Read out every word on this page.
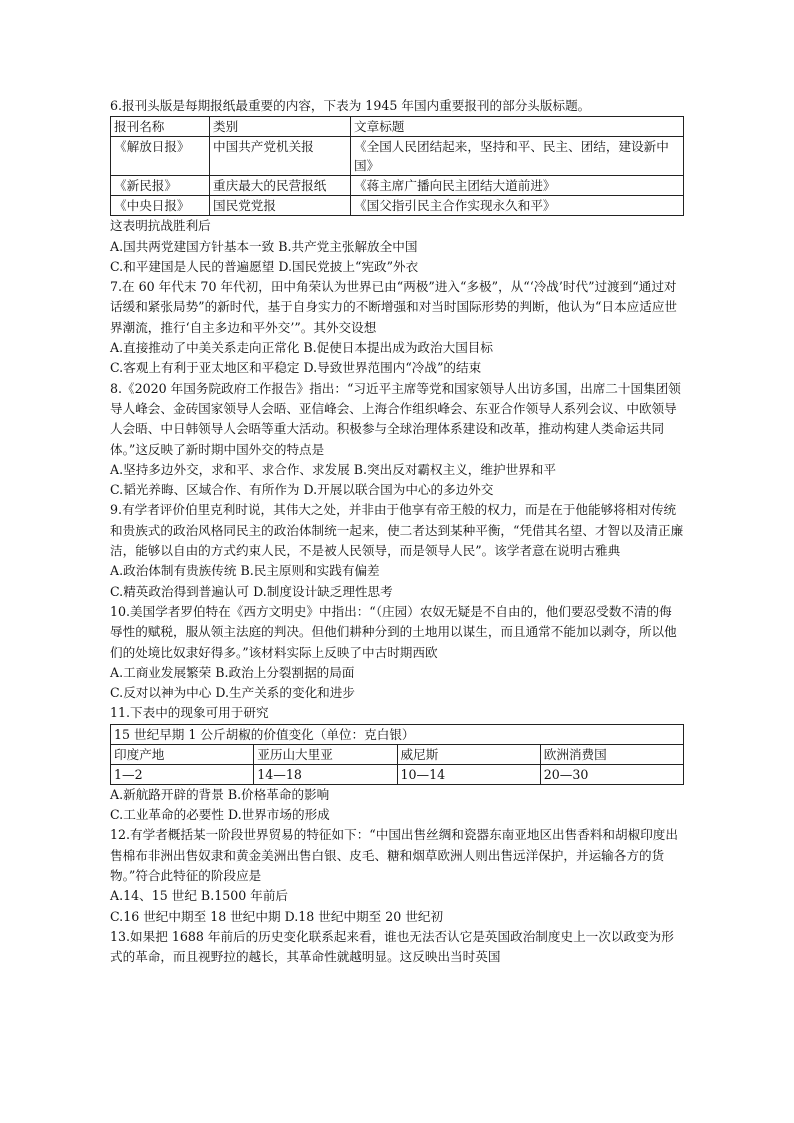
6.报刊头版是每期报纸最重要的内容，下表为 1945 年国内重要报刊的部分头版标题。

报刊名称	类别	文章标题
《解放日报》	中国共产党机关报	《全国人民团结起来，坚持和平、民主、团结，建设新中国》
《新民报》	重庆最大的民营报纸	《蒋主席广播向民主团结大道前进》
《中央日报》	国民党党报	《国父指引民主合作实现永久和平》

这表明抗战胜利后

A.国共两党建国方针基本一致 B.共产党主张解放全中国

C.和平建国是人民的普遍愿望 D.国民党披上“宪政”外衣

7.在 60 年代末 70 年代初，田中角荣认为世界已由“两极”进入“多极”，从“‘冷战’时代”过渡到“通过对话缓和紧张局势”的新时代，基于自身实力的不断增强和对当时国际形势的判断，他认为“日本应适应世界潮流，推行‘自主多边和平外交’”。其外交设想

A.直接推动了中美关系走向正常化 B.促使日本提出成为政治大国目标

C.客观上有利于亚太地区和平稳定 D.导致世界范围内“冷战”的结束

8.《2020 年国务院政府工作报告》指出：“习近平主席等党和国家领导人出访多国，出席二十国集团领导人峰会、金砖国家领导人会晤、亚信峰会、上海合作组织峰会、东亚合作领导人系列会议、中欧领导人会晤、中日韩领导人会晤等重大活动。积极参与全球治理体系建设和改革，推动构建人类命运共同体。”这反映了新时期中国外交的特点是

A.坚持多边外交，求和平、求合作、求发展 B.突出反对霸权主义，维护世界和平

C.韬光养晦、区域合作、有所作为 D.开展以联合国为中心的多边外交

9.有学者评价伯里克利时说，其伟大之处，并非由于他享有帝王般的权力，而是在于他能够将相对传统和贵族式的政治风格同民主的政治体制统一起来，使二者达到某种平衡，“凭借其名望、才智以及清正廉洁，能够以自由的方式约束人民，不是被人民领导，而是领导人民”。该学者意在说明古雅典

A.政治体制有贵族传统 B.民主原则和实践有偏差

C.精英政治得到普遍认可 D.制度设计缺乏理性思考

10.美国学者罗伯特在《西方文明史》中指出：“（庄园）农奴无疑是不自由的，他们要忍受数不清的侮辱性的赋税，服从领主法庭的判决。但他们耕种分到的土地用以谋生，而且通常不能加以剥夺，所以他们的处境比奴隶好得多。”该材料实际上反映了中古时期西欧

A.工商业发展繁荣 B.政治上分裂割据的局面

C.反对以神为中心 D.生产关系的变化和进步

11.下表中的现象可用于研究

15 世纪早期 1 公斤胡椒的价值变化（单位：克白银）			
印度产地	亚历山大里亚	威尼斯	欧洲消费国
1—2	14—18	10—14	20—30

A.新航路开辟的背景 B.价格革命的影响

C.工业革命的必要性 D.世界市场的形成

12.有学者概括某一阶段世界贸易的特征如下：“中国出售丝绸和瓷器东南亚地区出售香料和胡椒印度出售棉布非洲出售奴隶和黄金美洲出售白银、皮毛、糖和烟草欧洲人则出售远洋保护，并运输各方的货物。”符合此特征的阶段应是

A.14、15 世纪 B.1500 年前后

C.16 世纪中期至 18 世纪中期 D.18 世纪中期至 20 世纪初

13.如果把 1688 年前后的历史变化联系起来看，谁也无法否认它是英国政治制度史上一次以政变为形式的革命，而且视野拉的越长，其革命性就越明显。这反映出当时英国
